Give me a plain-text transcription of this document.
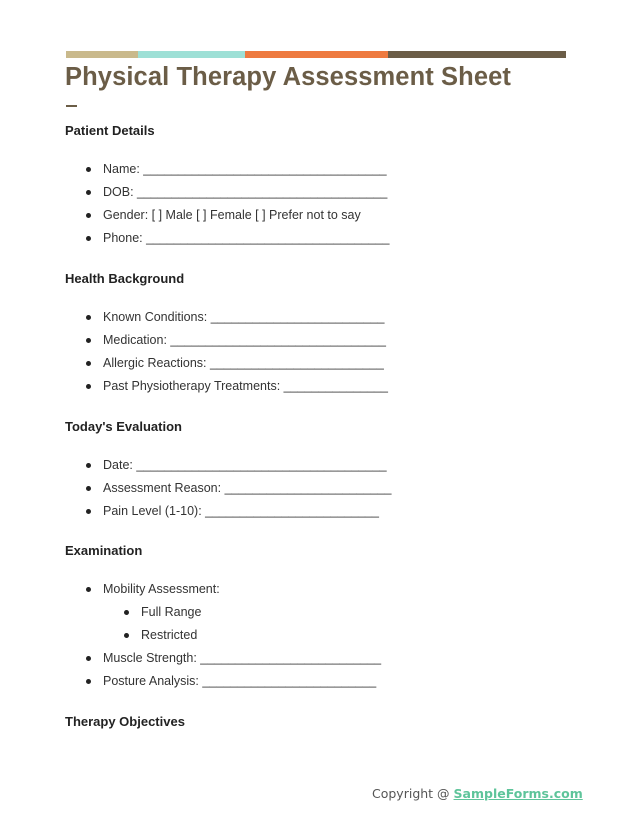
Physical Therapy Assessment Sheet
Patient Details
Name: ___________________________________
DOB: ____________________________________
Gender: [ ] Male [ ] Female [ ] Prefer not to say
Phone: ___________________________________
Health Background
Known Conditions: _________________________
Medication: _______________________________
Allergic Reactions: _________________________
Past Physiotherapy Treatments: _______________
Today's Evaluation
Date: ____________________________________
Assessment Reason: ________________________
Pain Level (1-10): _________________________
Examination
Mobility Assessment:
Full Range
Restricted
Muscle Strength: __________________________
Posture Analysis: _________________________
Therapy Objectives
Copyright @ SampleForms.com
